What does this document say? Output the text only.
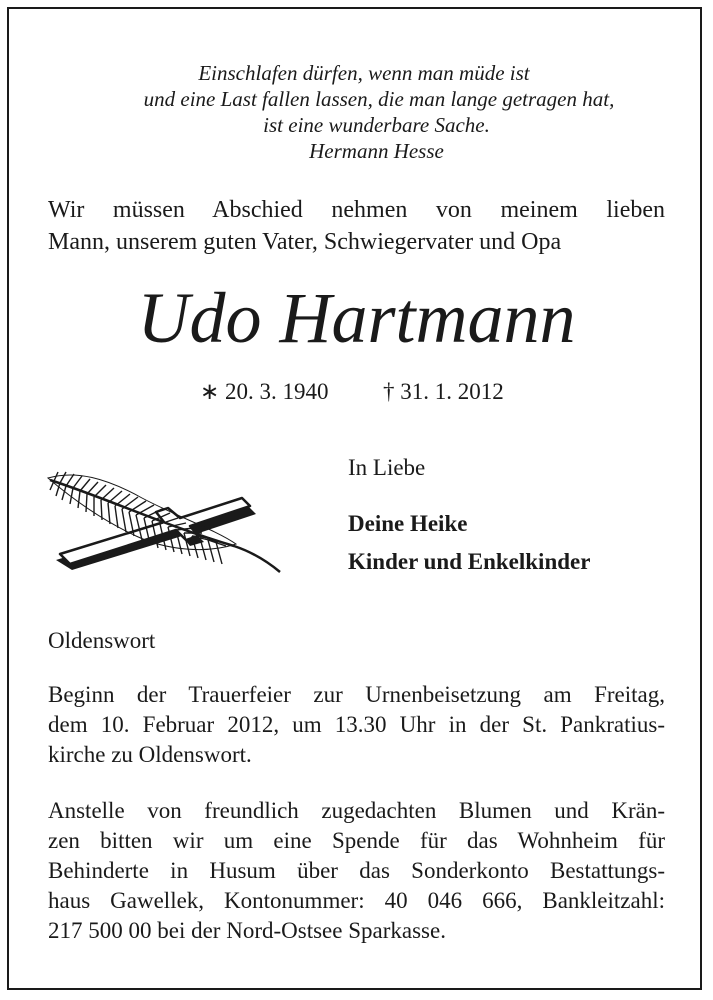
Einschlafen dürfen, wenn man müde ist
und eine Last fallen lassen, die man lange getragen hat,
ist eine wunderbare Sache.
Hermann Hesse
Wir müssen Abschied nehmen von meinem lieben
Mann, unserem guten Vater, Schwiegervater und Opa
Udo Hartmann
∗ 20. 3. 1940 † 31. 1. 2012
In Liebe
Deine Heike
Kinder und Enkelkinder
Oldenswort
Beginn der Trauerfeier zur Urnenbeisetzung am Freitag,
dem 10. Februar 2012, um 13.30 Uhr in der St. Pankratius-
kirche zu Oldenswort.
Anstelle von freundlich zugedachten Blumen und Krän-
zen bitten wir um eine Spende für das Wohnheim für
Behinderte in Husum über das Sonderkonto Bestattungs-
haus Gawellek, Kontonummer: 40 046 666, Bankleitzahl:
217 500 00 bei der Nord-Ostsee Sparkasse.
